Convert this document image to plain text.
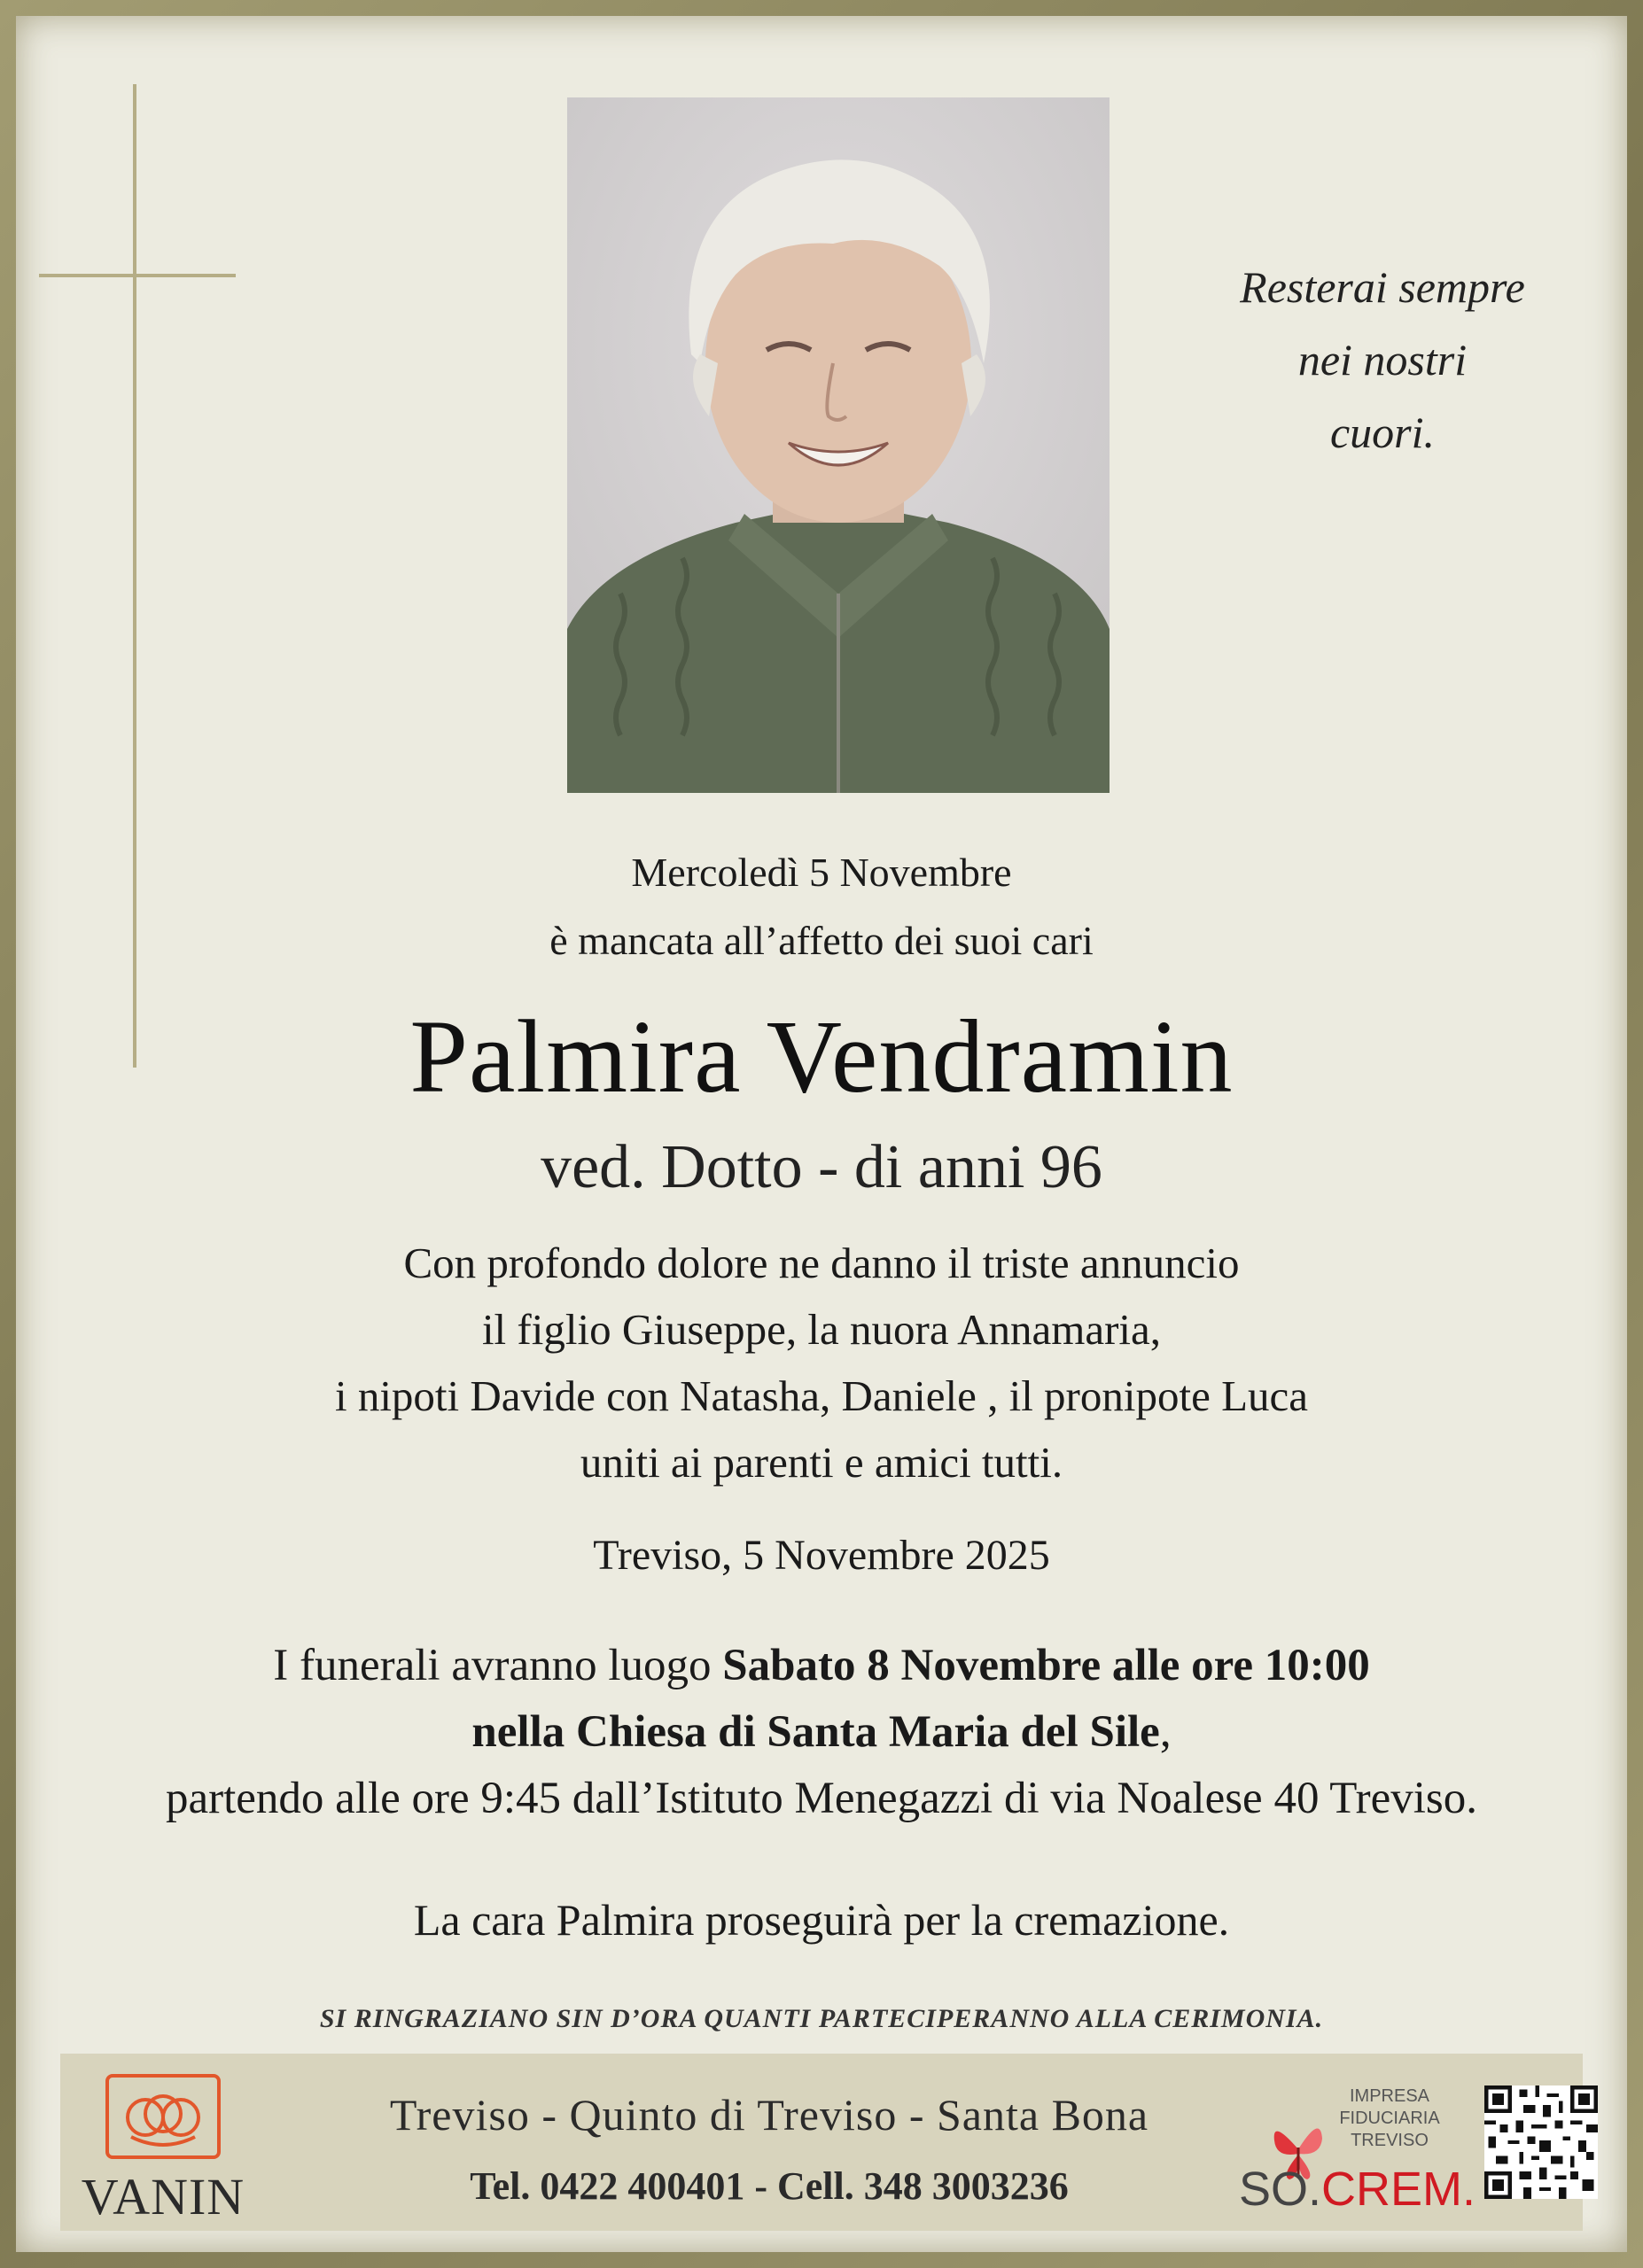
Resterai sempre
nei nostri
cuori.
Mercoledì 5 Novembre
è mancata all’affetto dei suoi cari
Palmira Vendramin
ved. Dotto - di anni 96
Con profondo dolore ne danno il triste annuncio
il figlio Giuseppe, la nuora Annamaria,
i nipoti Davide con Natasha, Daniele , il pronipote Luca
uniti ai parenti e amici tutti.
Treviso, 5 Novembre 2025
I funerali avranno luogo Sabato 8 Novembre alle ore 10:00
nella Chiesa di Santa Maria del Sile,
partendo alle ore 9:45 dall’Istituto Menegazzi di via Noalese 40 Treviso.
La cara Palmira proseguirà per la cremazione.
SI RINGRAZIANO SIN D’ORA QUANTI PARTECIPERANNO ALLA CERIMONIA.
VANIN
Treviso - Quinto di Treviso - Santa Bona
Tel. 0422 400401 - Cell. 348 3003236
IMPRESA
FIDUCIARIA
TREVISO
SO.CREM.
